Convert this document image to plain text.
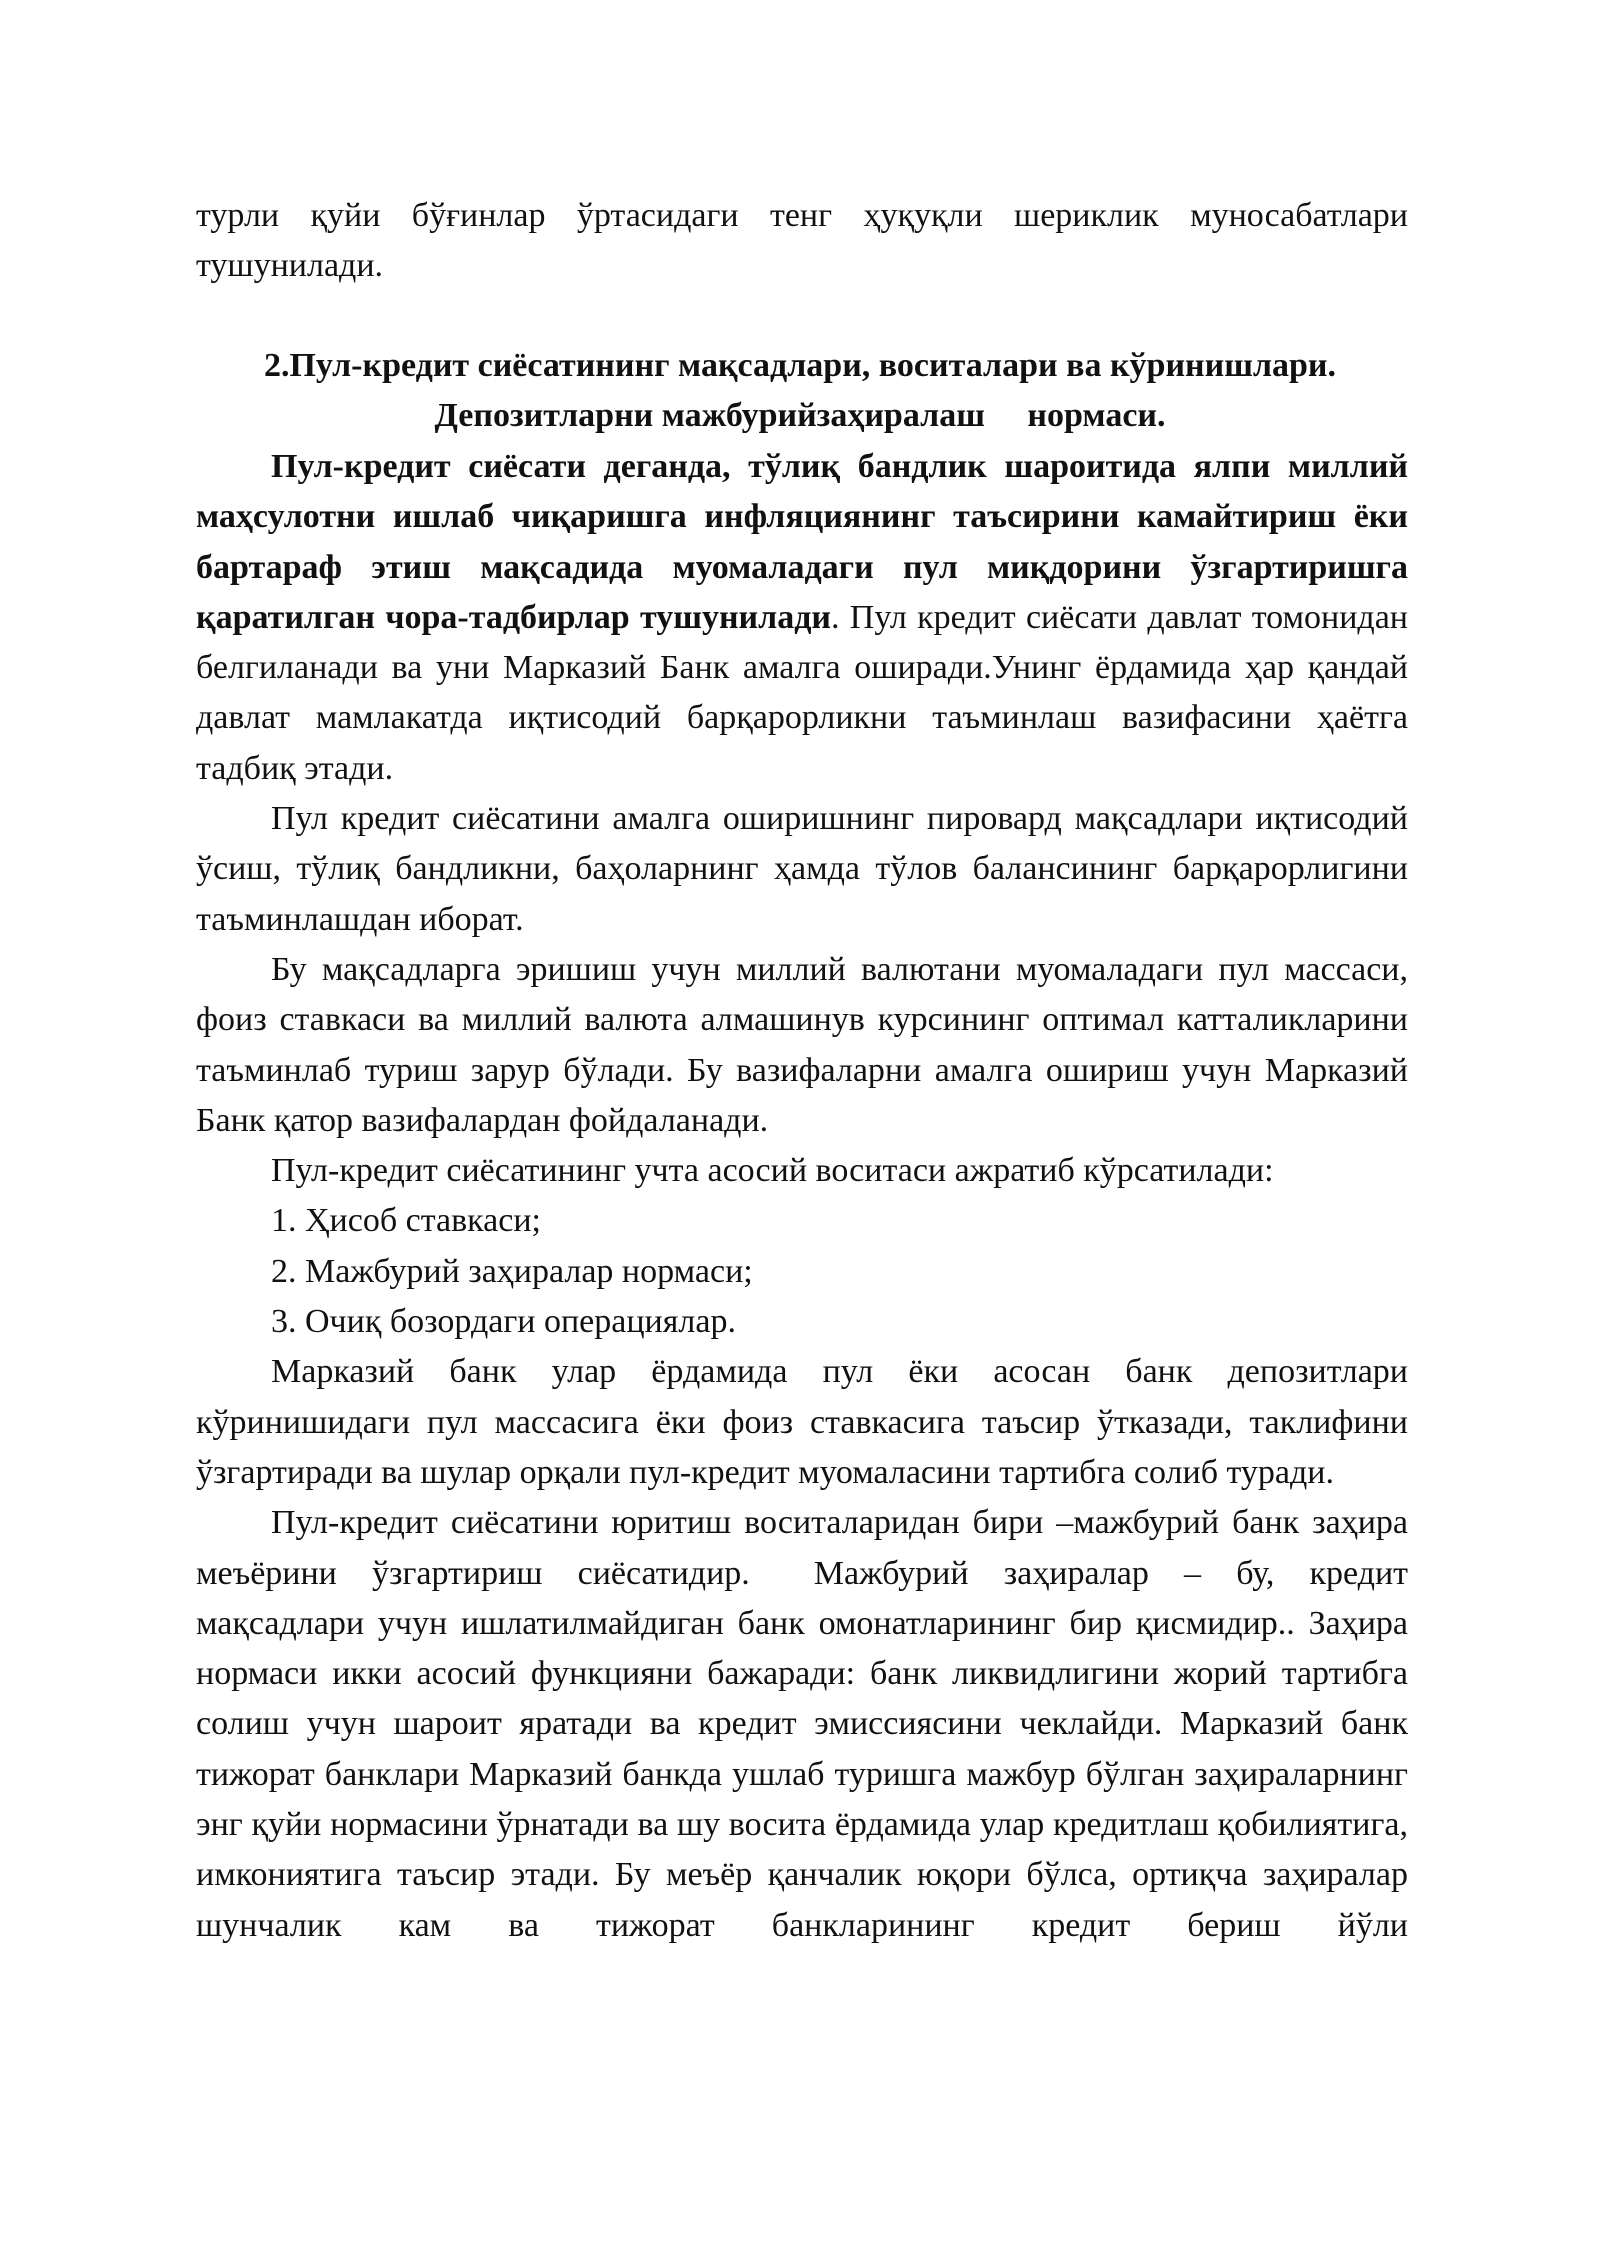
турли қуйи бўғинлар ўртасидаги тенг ҳуқуқли шериклик муносабатлари тушунилади.
2.Пул-кредит сиёсатининг мақсадлари, воситалари ва кўринишлари.
Депозитларни мажбурийзаҳиралаш     нормаси.

Пул-кредит сиёсати деганда, тўлиқ бандлик шароитида ялпи миллий маҳсулотни ишлаб чиқаришга инфляциянинг таъсирини камайтириш ёки бартараф этиш мақсадида муомаладаги пул миқдорини ўзгартиришга қаратилган чора-тадбирлар тушунилади. Пул кредит сиёсати давлат томонидан белгиланади ва уни Марказий Банк амалга оширади.Унинг ёрдамида ҳар қандай давлат мамлакатда иқтисодий барқарорликни таъминлаш вазифасини ҳаётга тадбиқ этади.

Пул кредит сиёсатини амалга оширишнинг пировард мақсадлари иқтисодий ўсиш, тўлиқ бандликни, баҳоларнинг ҳамда тўлов балансининг барқарорлигини таъминлашдан иборат.

Бу мақсадларга эришиш учун миллий валютани муомаладаги пул массаси, фоиз ставкаси ва миллий валюта алмашинув курсининг оптимал катталикларини таъминлаб туриш зарур бўлади. Бу вазифаларни амалга ошириш учун Марказий Банк қатор вазифалардан фойдаланади.

Пул-кредит сиёсатининг учта асосий воситаси ажратиб кўрсатилади:

1. Ҳисоб ставкаси;

2. Мажбурий заҳиралар нормаси;

3. Очиқ бозордаги операциялар.

Марказий банк улар ёрдамида пул ёки асосан банк депозитлари кўринишидаги пул массасига ёки фоиз ставкасига таъсир ўтказади, таклифини ўзгартиради ва шулар орқали пул-кредит муомаласини тартибга солиб туради.

Пул-кредит сиёсатини юритиш воситаларидан бири –мажбурий банк заҳира меъёрини ўзгартириш сиёсатидир. Мажбурий заҳиралар – бу, кредит мақсадлари учун ишлатилмайдиган банк омонатларининг бир қисмидир.. Заҳира нормаси икки асосий функцияни бажаради: банк ликвидлигини жорий тартибга солиш учун шароит яратади ва кредит эмиссиясини чеклайди. Марказий банк тижорат банклари Марказий банкда ушлаб туришга мажбур бўлган заҳираларнинг энг қуйи нормасини ўрнатади ва шу восита ёрдамида улар кредитлаш қобилиятига, имкониятига таъсир этади. Бу меъёр қанчалик юқори бўлса, ортиқча заҳиралар шунчалик кам ва тижорат банкларининг кредит бериш йўли
